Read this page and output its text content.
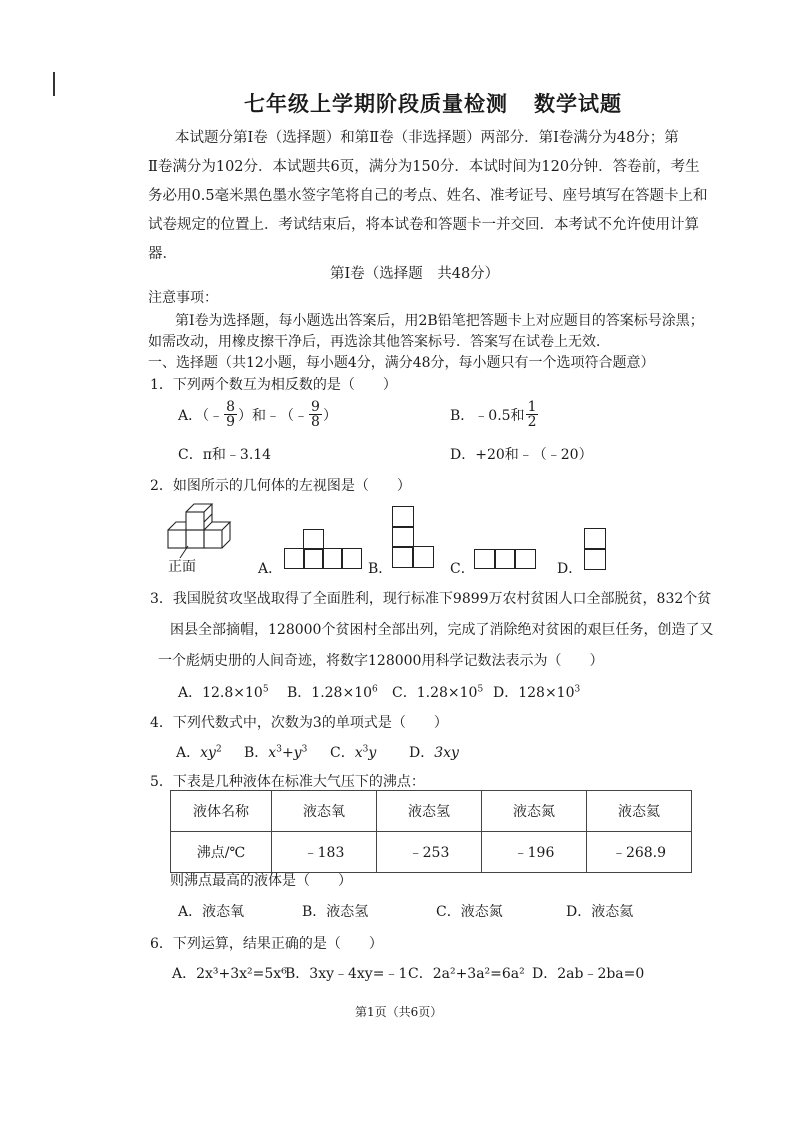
七年级上学期阶段质量检测 数学试题
本试题分第Ⅰ卷（选择题）和第Ⅱ卷（非选择题）两部分．第Ⅰ卷满分为48分；第
Ⅱ卷满分为102分．本试题共6页，满分为150分．本试时间为120分钟．答卷前，考生
务必用0.5毫米黑色墨水签字笔将自己的考点、姓名、准考证号、座号填写在答题卡上和
试卷规定的位置上．考试结束后，将本试卷和答题卡一并交回．本考试不允许使用计算
器．
第Ⅰ卷（选择题　共48分）
注意事项：
第Ⅰ卷为选择题，每小题选出答案后，用2B铅笔把答题卡上对应题目的答案标号涂黑；
如需改动，用橡皮擦干净后，再选涂其他答案标号．答案写在试卷上无效．
一、选择题（共12小题，每小题4分，满分48分，每小题只有一个选项符合题意）
1．下列两个数互为相反数的是（　　）
A．（﹣ $\frac{8}{9}$ ）和﹣（﹣ $\frac{9}{8}$ ）	B．﹣0.5和 $\frac{1}{2}$
C．π和﹣3.14	D．+20和﹣（﹣20）
2．如图所示的几何体的左视图是（　　）
正面	A．	B．	C．	D．
3．我国脱贫攻坚战取得了全面胜利，现行标准下9899万农村贫困人口全部脱贫，832个贫
困县全部摘帽，128000个贫困村全部出列，完成了消除绝对贫困的艰巨任务，创造了又
一个彪炳史册的人间奇迹，将数字128000用科学记数法表示为（　　）
A．$12.8\times 10^5$ B．$1.28\times 10^6$ C．$1.28\times 10^5$ D．$128\times 10^3$
4．下列代数式中，次数为3的单项式是（　　）
A．$xy^2$ B．$x^3+y^3$ C．$x^3y$ D．3xy
5．下表是几种液体在标准大气压下的沸点：
液体名称	液态氧	液态氢	液态氮	液态氦
沸点/℃	﹣183	﹣253	﹣196	﹣268.9
则沸点最高的液体是（　　）
A．液态氧	B．液态氢	C．液态氮	D．液态氦
6．下列运算，结果正确的是（　　）
A．2x³+3x²=5x⁶
B．3xy﹣4xy=﹣1 C．2a²+3a²=6a² D．2ab﹣2ba=0
第1页（共6页）
